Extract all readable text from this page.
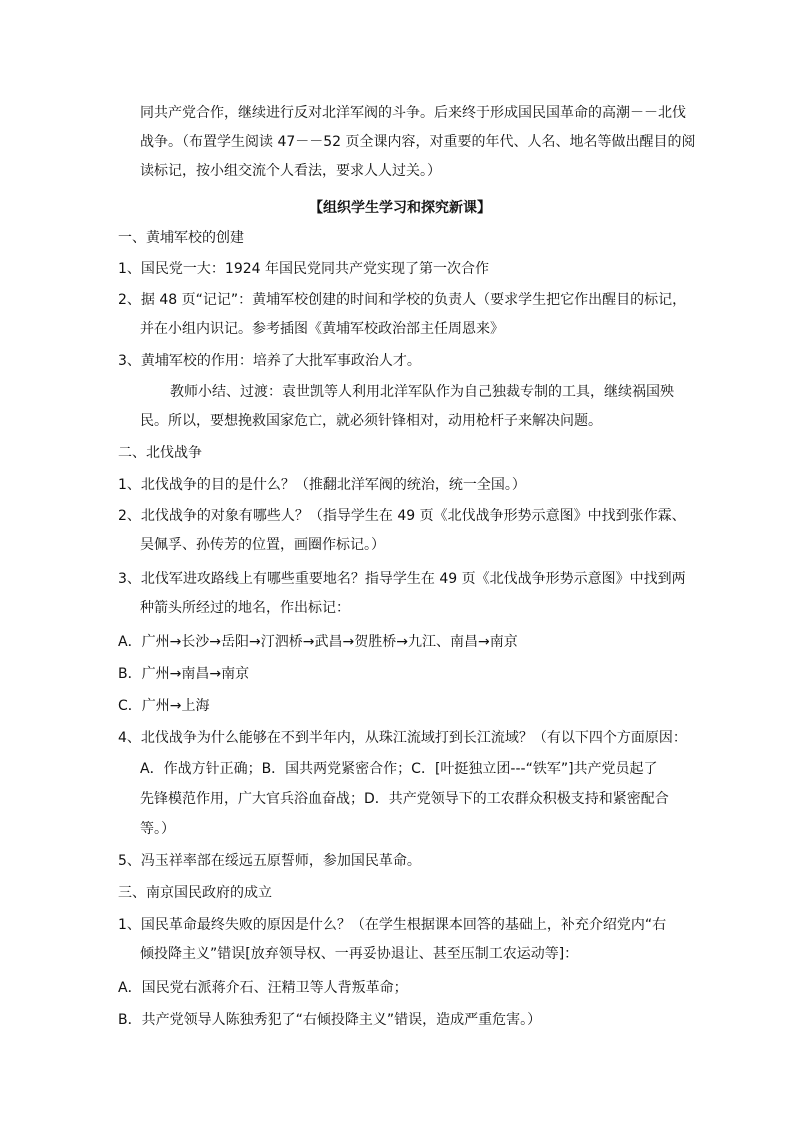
同共产党合作，继续进行反对北洋军阀的斗争。后来终于形成国民国革命的高潮－－北伐
战争。（布置学生阅读 47－－52 页全课内容，对重要的年代、人名、地名等做出醒目的阅
读标记，按小组交流个人看法，要求人人过关。）
【组织学生学习和探究新课】
一、黄埔军校的创建
1、国民党一大：1924 年国民党同共产党实现了第一次合作
2、据 48 页“记记”：黄埔军校创建的时间和学校的负责人（要求学生把它作出醒目的标记，
并在小组内识记。参考插图《黄埔军校政治部主任周恩来》
3、黄埔军校的作用：培养了大批军事政治人才。
教师小结、过渡：袁世凯等人利用北洋军队作为自己独裁专制的工具，继续祸国殃
民。所以，要想挽救国家危亡，就必须针锋相对，动用枪杆子来解决问题。
二、北伐战争
1、北伐战争的目的是什么？（推翻北洋军阀的统治，统一全国。）
2、北伐战争的对象有哪些人？（指导学生在 49 页《北伐战争形势示意图》中找到张作霖、
吴佩孚、孙传芳的位置，画圈作标记。）
3、北伐军进攻路线上有哪些重要地名？指导学生在 49 页《北伐战争形势示意图》中找到两
种箭头所经过的地名，作出标记：
A．广州→长沙→岳阳→汀泗桥→武昌→贺胜桥→九江、南昌→南京
B．广州→南昌→南京
C．广州→上海
4、北伐战争为什么能够在不到半年内，从珠江流域打到长江流域？（有以下四个方面原因：
A．作战方针正确；B．国共两党紧密合作；C．[叶挺独立团---“铁军”]共产党员起了
先锋模范作用，广大官兵浴血奋战；D．共产党领导下的工农群众积极支持和紧密配合
等。）
5、冯玉祥率部在绥远五原誓师，参加国民革命。
三、南京国民政府的成立
1、国民革命最终失败的原因是什么？（在学生根据课本回答的基础上，补充介绍党内“右
倾投降主义”错误[放弃领导权、一再妥协退让、甚至压制工农运动等]：
A．国民党右派蒋介石、汪精卫等人背叛革命；
B．共产党领导人陈独秀犯了“右倾投降主义”错误，造成严重危害。）
